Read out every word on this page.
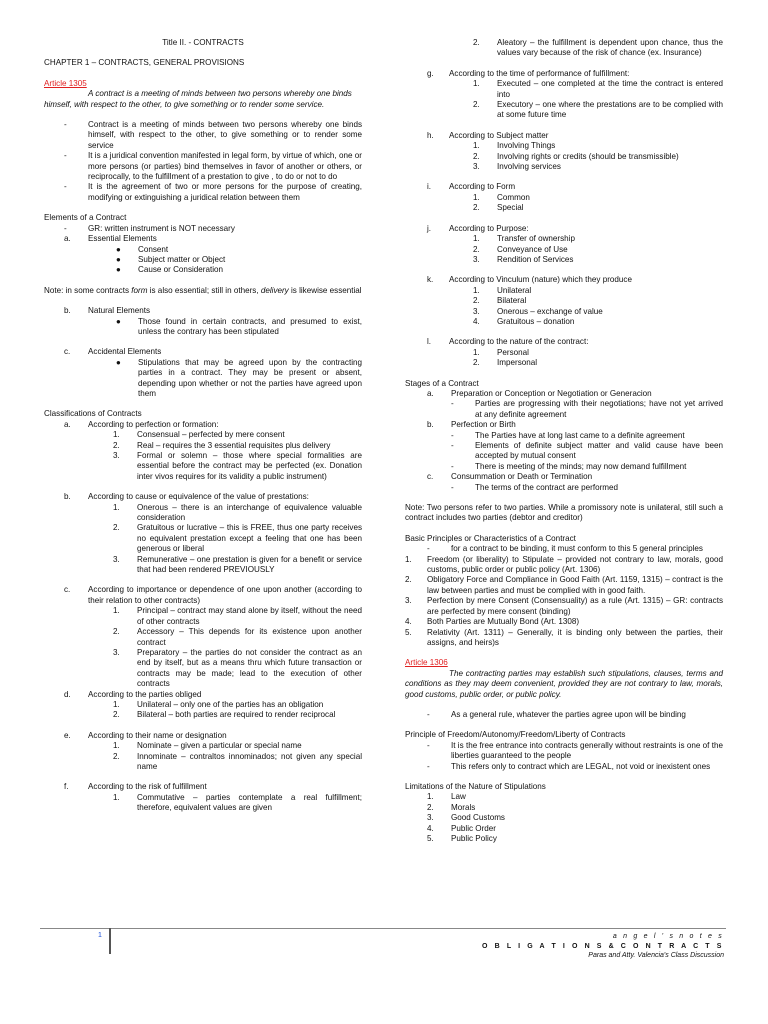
Title II. - CONTRACTS

CHAPTER 1 – CONTRACTS, GENERAL PROVISIONS

Article 1305

A contract is a meeting of minds between two persons whereby one binds himself, with respect to the other, to give something or to render some service.

-	Contract is a meeting of minds between two persons whereby one binds himself, with respect to the other, to give something or to render some service
-	It is a juridical convention manifested in legal form, by virtue of which, one or more persons (or parties) bind themselves in favor of another or others, or reciprocally, to the fulfillment of a prestation to give , to do or not to do
-	It is the agreement of two or more persons for the purpose of creating, modifying or extinguishing a juridical relation between them

Elements of a Contract

-	GR: written instrument is NOT necessary
a.	Essential Elements
●	Consent
●	Subject matter or Object
●	Cause or Consideration

Note: in some contracts form is also essential; still in others, delivery is likewise essential

b.	Natural Elements
●	Those found in certain contracts, and presumed to exist, unless the contrary has been stipulated
c.	Accidental Elements
●	Stipulations that may be agreed upon by the contracting parties in a contract. They may be present or absent, depending upon whether or not the parties have agreed upon them

Classifications of Contracts

a.	According to perfection or formation:
1.	Consensual – perfected by mere consent
2.	Real – requires the 3 essential requisites plus delivery
3.	Formal or solemn – those where special formalities are essential before the contract may be perfected (ex. Donation inter vivos requires for its validity a public instrument)
b.	According to cause or equivalence of the value of prestations:
1.	Onerous – there is an interchange of equivalence valuable consideration
2.	Gratuitous or lucrative – this is FREE, thus one party receives no equivalent prestation except a feeling that one has been generous or liberal
3.	Remunerative – one prestation is given for a benefit or service that had been rendered PREVIOUSLY
c.	According to importance or dependence of one upon another (according to their relation to other contracts)
1.	Principal – contract may stand alone by itself, without the need of other contracts
2.	Accessory – This depends for its existence upon another contract
3.	Preparatory – the parties do not consider the contract as an end by itself, but as a means thru which future transaction or contracts may be made; lead to the execution of other contracts
d.	According to the parties obliged
1.	Unilateral – only one of the parties has an obligation
2.	Bilateral – both parties are required to render reciprocal
e.	According to their name or designation
1.	Nominate – given a particular or special name
2.	Innominate – contraltos innominados; not given any special name
f.	According to the risk of fulfillment
1.	Commutative – parties contemplate a real fulfillment; therefore, equivalent values are given
2.	Aleatory – the fulfillment is dependent upon chance, thus the values vary because of the risk of chance (ex. Insurance)
g.	According to the time of performance of fulfillment:
1.	Executed – one completed at the time the contract is entered into
2.	Executory – one where the prestations are to be complied with at some future time
h.	According to Subject matter
1.	Involving Things
2.	Involving rights or credits (should be transmissible)
3.	Involving services
i.	According to Form
1.	Common
2.	Special
j.	According to Purpose:
1.	Transfer of ownership
2.	Conveyance of Use
3.	Rendition of Services
k.	According to Vinculum (nature) which they produce
1.	Unilateral
2.	Bilateral
3.	Onerous – exchange of value
4.	Gratuitous – donation
l.	According to the nature of the contract:
1.	Personal
2.	Impersonal

Stages of a Contract

a.	Preparation or Conception or Negotiation or Generacion
-	Parties are progressing with their negotiations; have not yet arrived at any definite agreement
b.	Perfection or Birth
-	The Parties have at long last came to a definite agreement
-	Elements of definite subject matter and valid cause have been accepted by mutual consent
-	There is meeting of the minds; may now demand fulfillment
c.	Consummation or Death or Termination
-	The terms of the contract are performed

Note: Two persons refer to two parties. While a promissory note is unilateral, still such a contract includes two parties (debtor and creditor)

Basic Principles or Characteristics of a Contract

-	for a contract to be binding, it must conform to this 5 general principles
1.	Freedom (or liberality) to Stipulate – provided not contrary to law, morals, good customs, public order or public policy (Art. 1306)
2.	Obligatory Force and Compliance in Good Faith (Art. 1159, 1315) – contract is the law between parties and must be complied with in good faith.
3.	Perfection by mere Consent (Consensuality) as a rule (Art. 1315) – GR: contracts are perfected by mere consent (binding)
4.	Both Parties are Mutually Bond (Art. 1308)
5.	Relativity (Art. 1311) – Generally, it is binding only between the parties, their assigns, and heirs)s

Article 1306

The contracting parties may establish such stipulations, clauses, terms and conditions as they may deem convenient, provided they are not contrary to law, morals, good customs, public order, or public policy.

-	As a general rule, whatever the parties agree upon will be binding

Principle of Freedom/Autonomy/Freedom/Liberty of Contracts

-	It is the free entrance into contracts generally without restraints is one of the liberties guaranteed to the people
-	This refers only to contract which are LEGAL, not void or inexistent ones

Limitations of the Nature of Stipulations

1.	Law
2.	Morals
3.	Good Customs
4.	Public Order
5.	Public Policy
1	a n g e l ' s n o t e s
O B L I G A T I O N S & C O N T R A C T S
Paras and Atty. Valencia's Class Discussion
